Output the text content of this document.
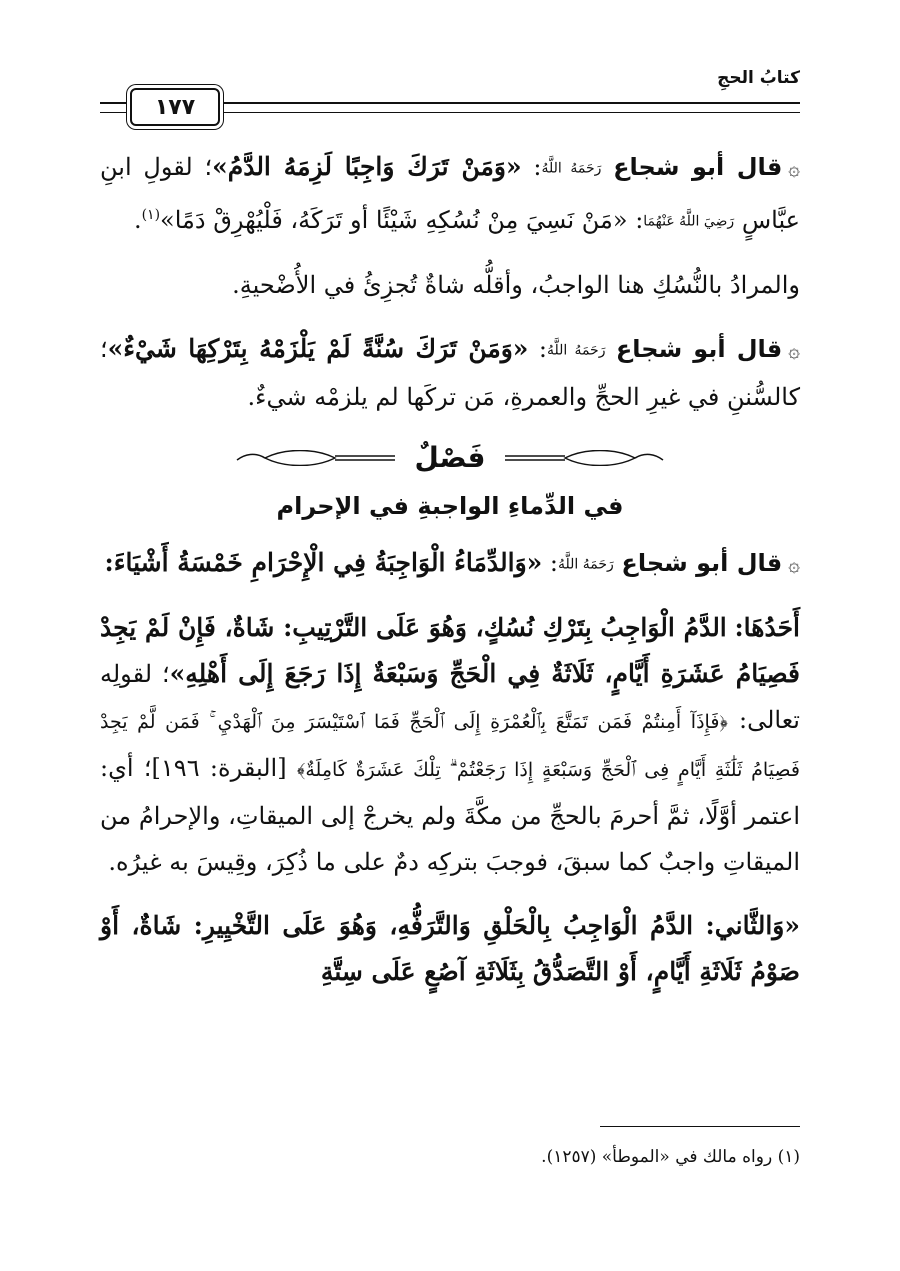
كتابُ الحجِ
١٧٧

۞قال أبو شجاع رَحَمَهُ اللَّهُ: «وَمَنْ تَرَكَ وَاجِبًا لَزِمَهُ الدَّمُ»؛ لقولِ ابنِ عبَّاسٍ رَضِيَ اللَّهُ عَنْهُمَا: «مَنْ نَسِيَ مِنْ نُسُكِهِ شَيْئًا أو تَرَكَهُ، فَلْيُهْرِقْ دَمًا»$^{(١)}$.

والمرادُ بالنُّسُكِ هنا الواجبُ، وأقلُّه شاةٌ تُجزِئُ في الأُضْحيةِ.

۞قال أبو شجاع رَحَمَهُ اللَّهُ: «وَمَنْ تَرَكَ سُنَّةً لَمْ يَلْزَمْهُ بِتَرْكِهَا شَيْءٌ»؛ كالسُّننِ في غيرِ الحجِّ والعمرةِ، مَن تركَها لم يلزمْه شيءٌ.

فَصْلٌ
في الدِّماءِ الواجبةِ في الإحرام

۞قال أبو شجاع رَحَمَهُ اللَّهُ: «وَالدِّمَاءُ الْوَاجِبَةُ فِي الْإِحْرَامِ خَمْسَةُ أَشْيَاءَ:

أَحَدُهَا: الدَّمُ الْوَاجِبُ بِتَرْكِ نُسُكٍ، وَهُوَ عَلَى التَّرْتِيبِ: شَاةٌ، فَإِنْ لَمْ يَجِدْ فَصِيَامُ عَشَرَةِ أَيَّامٍ، ثَلَاثَةٌ فِي الْحَجِّ وَسَبْعَةٌ إِذَا رَجَعَ إِلَى أَهْلِهِ»؛ لقولِه تعالى: ﴿فَإِذَآ أَمِنتُمْ فَمَن تَمَتَّعَ بِٱلْعُمْرَةِ إِلَى ٱلْحَجِّ فَمَا ٱسْتَيْسَرَ مِنَ ٱلْهَدْيِ ۚ فَمَن لَّمْ يَجِدْ فَصِيَامُ ثَلَٰثَةِ أَيَّامٍ فِى ٱلْحَجِّ وَسَبْعَةٍ إِذَا رَجَعْتُمْ ۗ تِلْكَ عَشَرَةٌ كَامِلَةٌ﴾ [البقرة: ١٩٦]؛ أي: اعتمر أوَّلًا، ثمَّ أحرمَ بالحجِّ من مكَّةَ ولم يخرجْ إلى الميقاتِ، والإحرامُ من الميقاتِ واجبٌ كما سبقَ، فوجبَ بتركِه دمٌ على ما ذُكِرَ، وقِيسَ به غيرُه.

«وَالثَّاني: الدَّمُ الْوَاجِبُ بِالْحَلْقِ وَالتَّرَفُّهِ، وَهُوَ عَلَى التَّخْيِيرِ: شَاةٌ، أَوْ صَوْمُ ثَلَاثَةِ أَيَّامٍ، أَوْ التَّصَدُّقُ بِثَلَاثَةِ آصُعٍ عَلَى سِتَّةِ

(١) رواه مالك في «الموطأ» (١٢٥٧).
